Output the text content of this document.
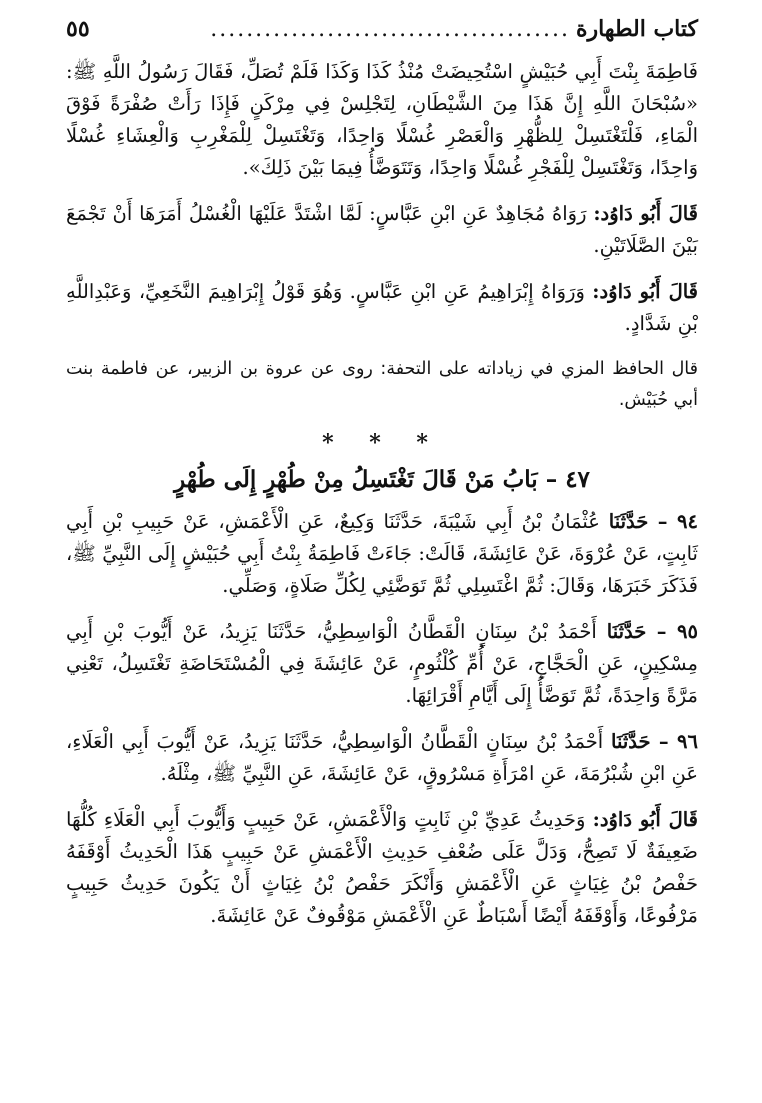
كتاب الطهارة
........................................
٥٥

فَاطِمَةَ بِنْتَ أَبِي حُبَيْشٍ اسْتُحِيضَتْ مُنْذُ كَذَا وَكَذَا فَلَمْ تُصَلِّ، فَقَالَ رَسُولُ اللَّهِ ﷺ: «سُبْحَانَ اللَّهِ إِنَّ هَذَا مِنَ الشَّيْطَانِ، لِتَجْلِسْ فِي مِرْكَنٍ فَإِذَا رَأَتْ صُفْرَةً فَوْقَ الْمَاءِ، فَلْتَغْتَسِلْ لِلظُّهْرِ وَالْعَصْرِ غُسْلًا وَاحِدًا، وَتَغْتَسِلْ لِلْمَغْرِبِ وَالْعِشَاءِ غُسْلًا وَاحِدًا، وَتَغْتَسِلْ لِلْفَجْرِ غُسْلًا وَاحِدًا، وَتَتَوَضَّأُ فِيمَا بَيْنَ ذَلِكَ».

قَالَ أَبُو دَاوُد: رَوَاهُ مُجَاهِدٌ عَنِ ابْنِ عَبَّاسٍ: لَمَّا اشْتَدَّ عَلَيْهَا الْغُسْلُ أَمَرَهَا أَنْ تَجْمَعَ بَيْنَ الصَّلَاتَيْنِ.

قَالَ أَبُو دَاوُد: وَرَوَاهُ إِبْرَاهِيمُ عَنِ ابْنِ عَبَّاسٍ. وَهُوَ قَوْلُ إِبْرَاهِيمَ النَّخَعِيِّ، وَعَبْدِاللَّهِ بْنِ شَدَّادٍ.

قال الحافظ المزي في زياداته على التحفة: روى عن عروة بن الزبير، عن فاطمة بنت أبي حُبَيْش.

* * *
٤٧ – بَابُ مَنْ قَالَ تَغْتَسِلُ مِنْ طُهْرٍ إِلَى طُهْرٍ

٩٤ – حَدَّثَنَا عُثْمَانُ بْنُ أَبِي شَيْبَةَ، حَدَّثَنَا وَكِيعٌ، عَنِ الْأَعْمَشِ، عَنْ حَبِيبِ بْنِ أَبِي ثَابِتٍ، عَنْ عُرْوَةَ، عَنْ عَائِشَةَ، قَالَتْ: جَاءَتْ فَاطِمَةُ بِنْتُ أَبِي حُبَيْشٍ إِلَى النَّبِيِّ ﷺ، فَذَكَرَ خَبَرَهَا، وَقَالَ: ثُمَّ اغْتَسِلِي ثُمَّ تَوَضَّئِي لِكُلِّ صَلَاةٍ، وَصَلِّي.

٩٥ – حَدَّثَنَا أَحْمَدُ بْنُ سِنَانٍ الْقَطَّانُ الْوَاسِطِيُّ، حَدَّثَنَا يَزِيدُ، عَنْ أَيُّوبَ بْنِ أَبِي مِسْكِينٍ، عَنِ الْحَجَّاجِ، عَنْ أُمِّ كُلْثُومٍ، عَنْ عَائِشَةَ فِي الْمُسْتَحَاضَةِ تَغْتَسِلُ، تَعْنِي مَرَّةً وَاحِدَةً، ثُمَّ تَوَضَّأُ إِلَى أَيَّامِ أَقْرَائِهَا.

٩٦ – حَدَّثَنَا أَحْمَدُ بْنُ سِنَانٍ الْقَطَّانُ الْوَاسِطِيُّ، حَدَّثَنَا يَزِيدُ، عَنْ أَيُّوبَ أَبِي الْعَلَاءِ، عَنِ ابْنِ شُبْرُمَةَ، عَنِ امْرَأَةِ مَسْرُوقٍ، عَنْ عَائِشَةَ، عَنِ النَّبِيِّ ﷺ، مِثْلَهُ.

قَالَ أَبُو دَاوُد: وَحَدِيثُ عَدِيِّ بْنِ ثَابِتٍ وَالْأَعْمَشِ، عَنْ حَبِيبٍ وَأَيُّوبَ أَبِي الْعَلَاءِ كُلُّهَا ضَعِيفَةٌ لَا تَصِحُّ، وَدَلَّ عَلَى ضُعْفِ حَدِيثِ الْأَعْمَشِ عَنْ حَبِيبٍ هَذَا الْحَدِيثُ أَوْقَفَهُ حَفْصُ بْنُ غِيَاثٍ عَنِ الْأَعْمَشِ وَأَنْكَرَ حَفْصُ بْنُ غِيَاثٍ أَنْ يَكُونَ حَدِيثُ حَبِيبٍ مَرْفُوعًا، وَأَوْقَفَهُ أَيْضًا أَسْبَاطٌ عَنِ الْأَعْمَشِ مَوْقُوفٌ عَنْ عَائِشَةَ.
